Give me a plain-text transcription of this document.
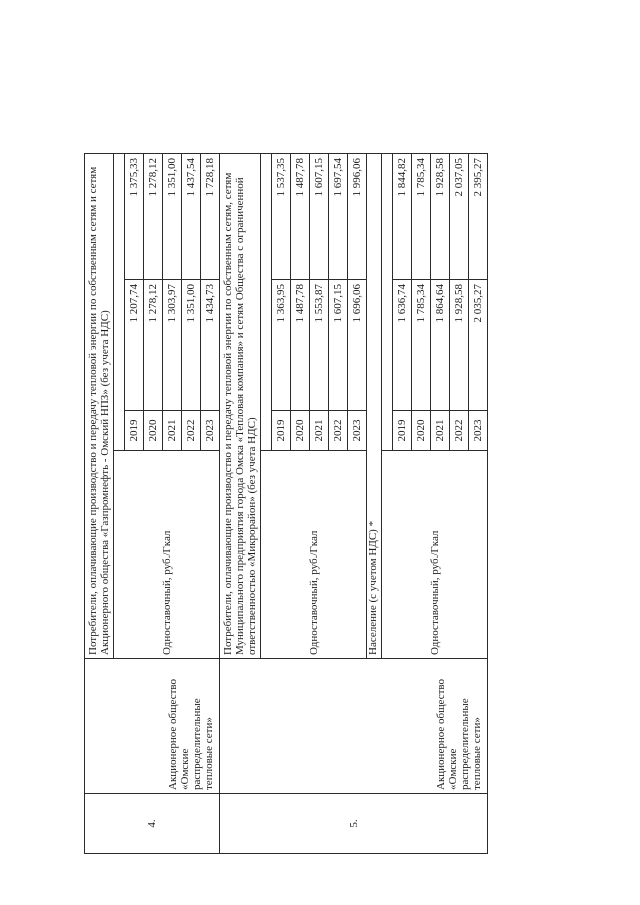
4.	Акционерное общество «Омские распределительные тепловые сети»	Потребители, оплачивающие производство и передачу тепловой энергии по собственным сетям и сетям Акционерного общества «Газпромнефть - Омский НПЗ» (без учета НДС)			
		Одноставочный, руб./Гкал			
			2019	1 207,74	1 375,33
			2020	1 278,12	1 278,12
			2021	1 303,97	1 351,00
			2022	1 351,00	1 437,54
			2023	1 434,73	1 728,18
5.	Акционерное общество «Омские распределительные тепловые сети»	Потребители, оплачивающие производство и передачу тепловой энергии по собственным сетям, сетям Муниципального предприятия города Омска «Тепловая компания» и сетям Общества с ограниченной ответственностью «Микрорайон» (без учета НДС)			
		Одноставочный, руб./Гкал			
			2019	1 363,95	1 537,35
			2020	1 487,78	1 487,78
			2021	1 553,87	1 607,15
			2022	1 607,15	1 697,54
			2023	1 696,06	1 996,06
		Население (с учетом НДС) *			
		Одноставочный, руб./Гкал			
			2019	1 636,74	1 844,82
			2020	1 785,34	1 785,34
			2021	1 864,64	1 928,58
			2022	1 928,58	2 037,05
			2023	2 035,27	2 395,27
